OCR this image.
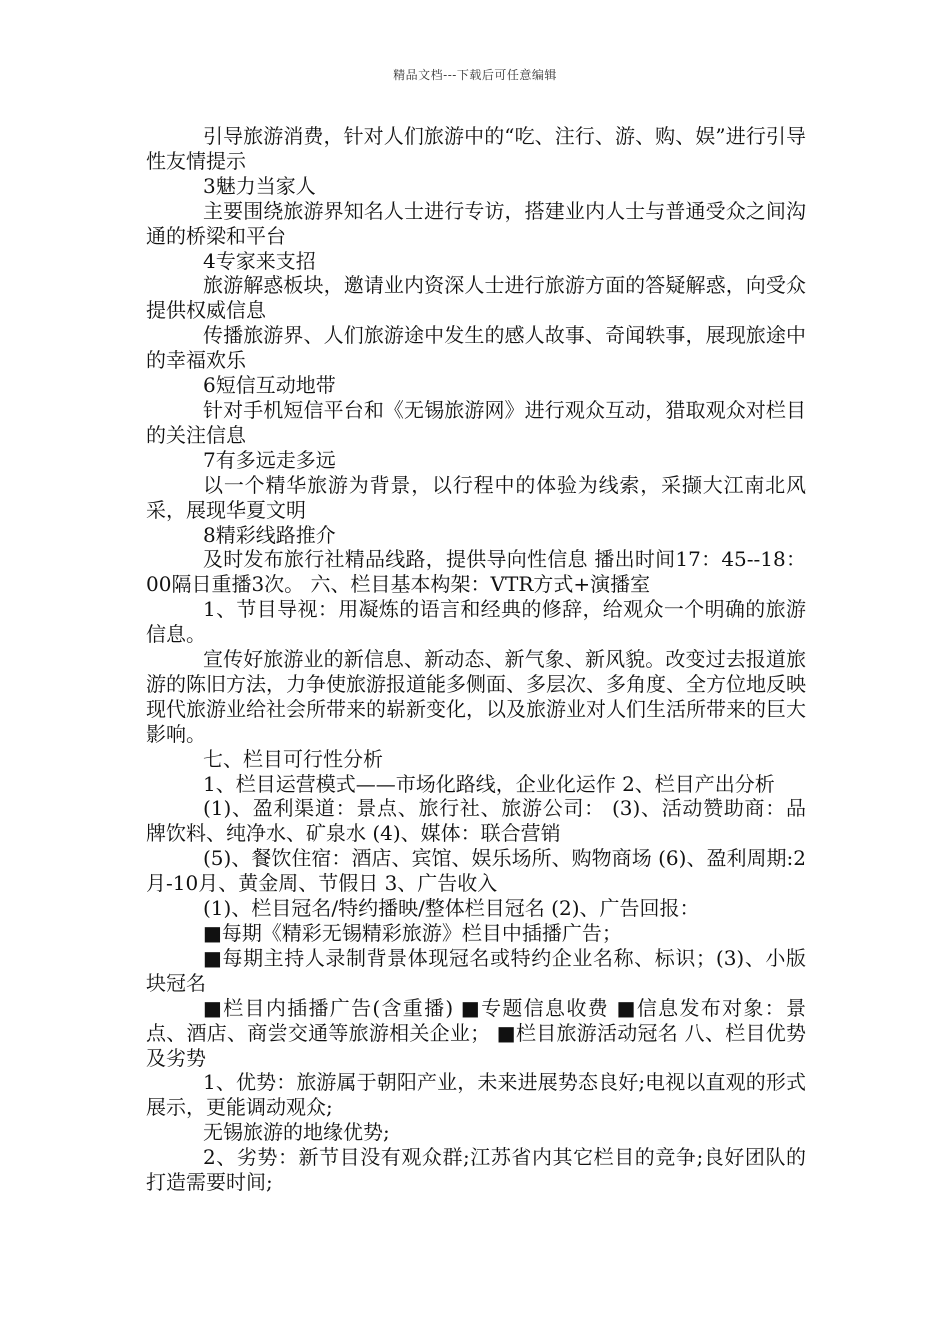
精品文档---下载后可任意编辑

引导旅游消费，针对人们旅游中的“吃、注行、游、购、娱”进行引导性友情提示

3魅力当家人

主要围绕旅游界知名人士进行专访，搭建业内人士与普通受众之间沟通的桥梁和平台

4专家来支招

旅游解惑板块，邀请业内资深人士进行旅游方面的答疑解惑，向受众提供权威信息

传播旅游界、人们旅游途中发生的感人故事、奇闻轶事，展现旅途中的幸福欢乐

6短信互动地带

针对手机短信平台和《无锡旅游网》进行观众互动，猎取观众对栏目的关注信息

7有多远走多远

以一个精华旅游为背景，以行程中的体验为线索，采撷大江南北风采，展现华夏文明

8精彩线路推介

及时发布旅行社精品线路，提供导向性信息 播出时间17：45--18：00隔日重播3次。 六、栏目基本构架：VTR方式+演播室

1、节目导视：用凝炼的语言和经典的修辞，给观众一个明确的旅游信息。

宣传好旅游业的新信息、新动态、新气象、新风貌。改变过去报道旅游的陈旧方法，力争使旅游报道能多侧面、多层次、多角度、全方位地反映现代旅游业给社会所带来的崭新变化，以及旅游业对人们生活所带来的巨大影响。

七、栏目可行性分析

1、栏目运营模式——市场化路线，企业化运作 2、栏目产出分析

(1)、盈利渠道：景点、旅行社、旅游公司： (3)、活动赞助商：品牌饮料、纯净水、矿泉水 (4)、媒体：联合营销

(5)、餐饮住宿：酒店、宾馆、娱乐场所、购物商场 (6)、盈利周期:2月-10月、黄金周、节假日 3、广告收入

(1)、栏目冠名/特约播映/整体栏目冠名 (2)、广告回报：

■每期《精彩无锡精彩旅游》栏目中插播广告；

■每期主持人录制背景体现冠名或特约企业名称、标识；(3)、小版块冠名

■栏目内插播广告(含重播) ■专题信息收费 ■信息发布对象：景点、酒店、商尝交通等旅游相关企业； ■栏目旅游活动冠名 八、栏目优势及劣势

1、优势：旅游属于朝阳产业，未来进展势态良好;电视以直观的形式展示，更能调动观众;

无锡旅游的地缘优势;

2、劣势：新节目没有观众群;江苏省内其它栏目的竞争;良好团队的打造需要时间;
